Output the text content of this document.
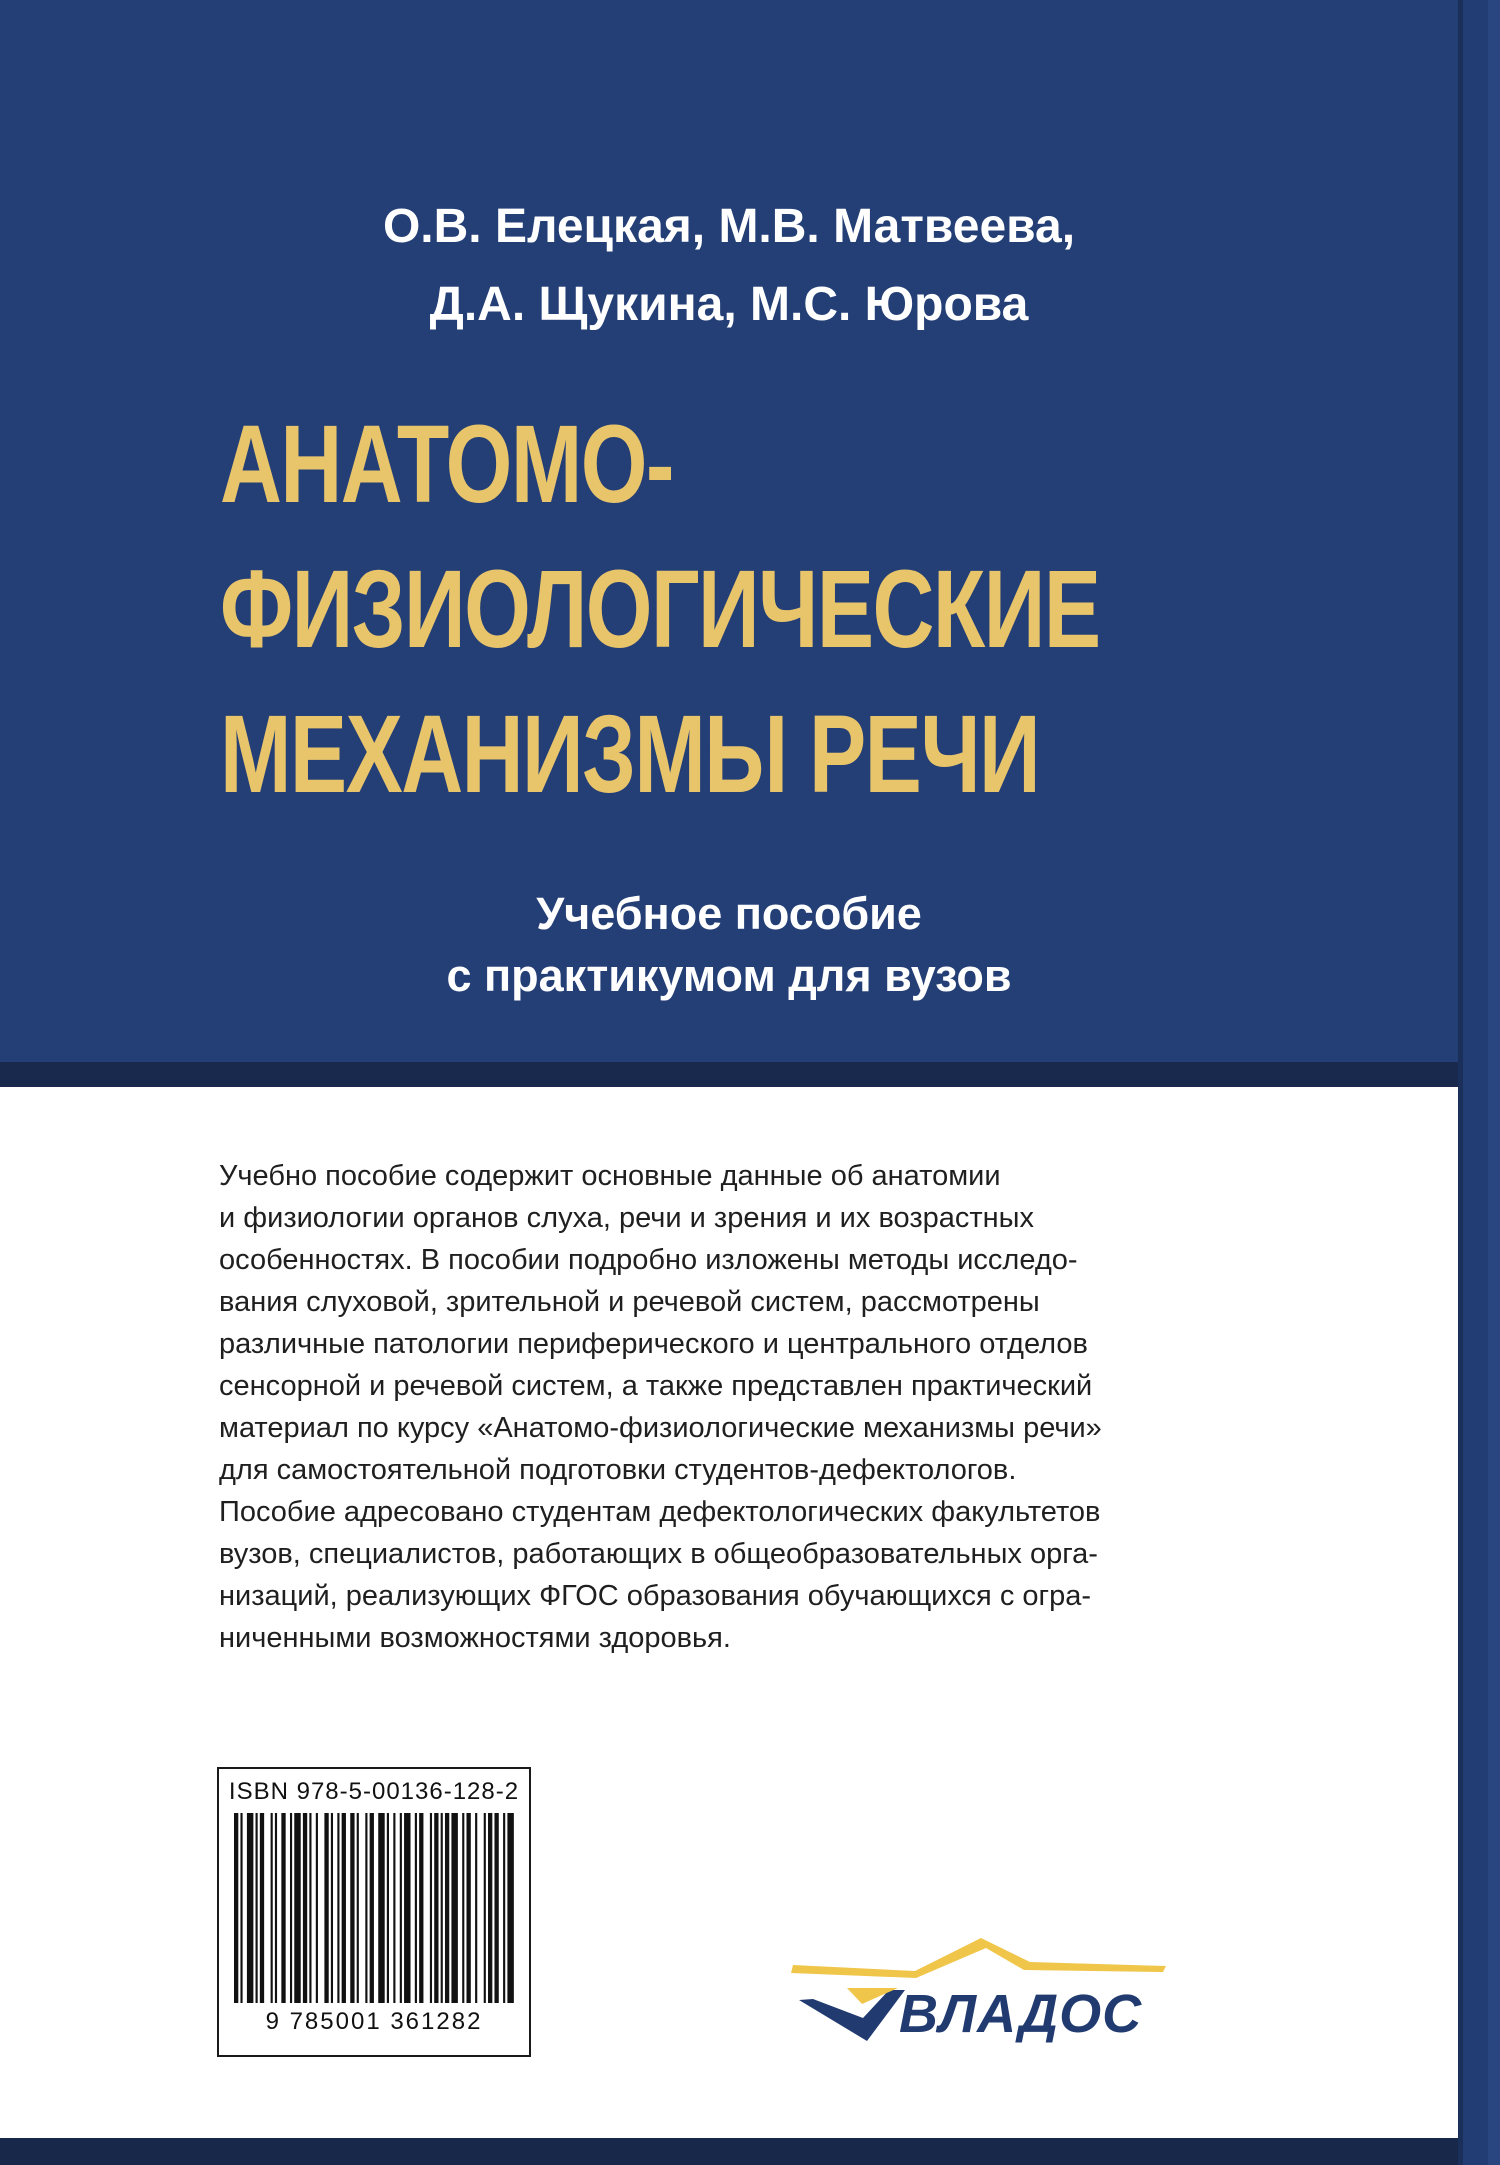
О.В. Елецкая, М.В. Матвеева,
Д.А. Щукина, М.С. Юрова
АНАТОМО-
ФИЗИОЛОГИЧЕСКИЕ
МЕХАНИЗМЫ РЕЧИ
Учебное пособие
с практикумом для вузов

Учебно пособие содержит основные данные об анатомии
и физиологии органов слуха, речи и зрения и их возрастных
особенностях. В пособии подробно изложены методы исследо-
вания слуховой, зрительной и речевой систем, рассмотрены
различные патологии периферического и центрального отделов
сенсорной и речевой систем, а также представлен практический
материал по курсу «Анатомо-физиологические механизмы речи»
для самостоятельной подготовки студентов-дефектологов.
Пособие адресовано студентам дефектологических факультетов
вузов, специалистов, работающих в общеобразовательных орга-
низаций, реализующих ФГОС образования обучающихся с огра-
ниченными возможностями здоровья.

ISBN 978-5-00136-128-2
9 785001 361282	ВЛАДОС
